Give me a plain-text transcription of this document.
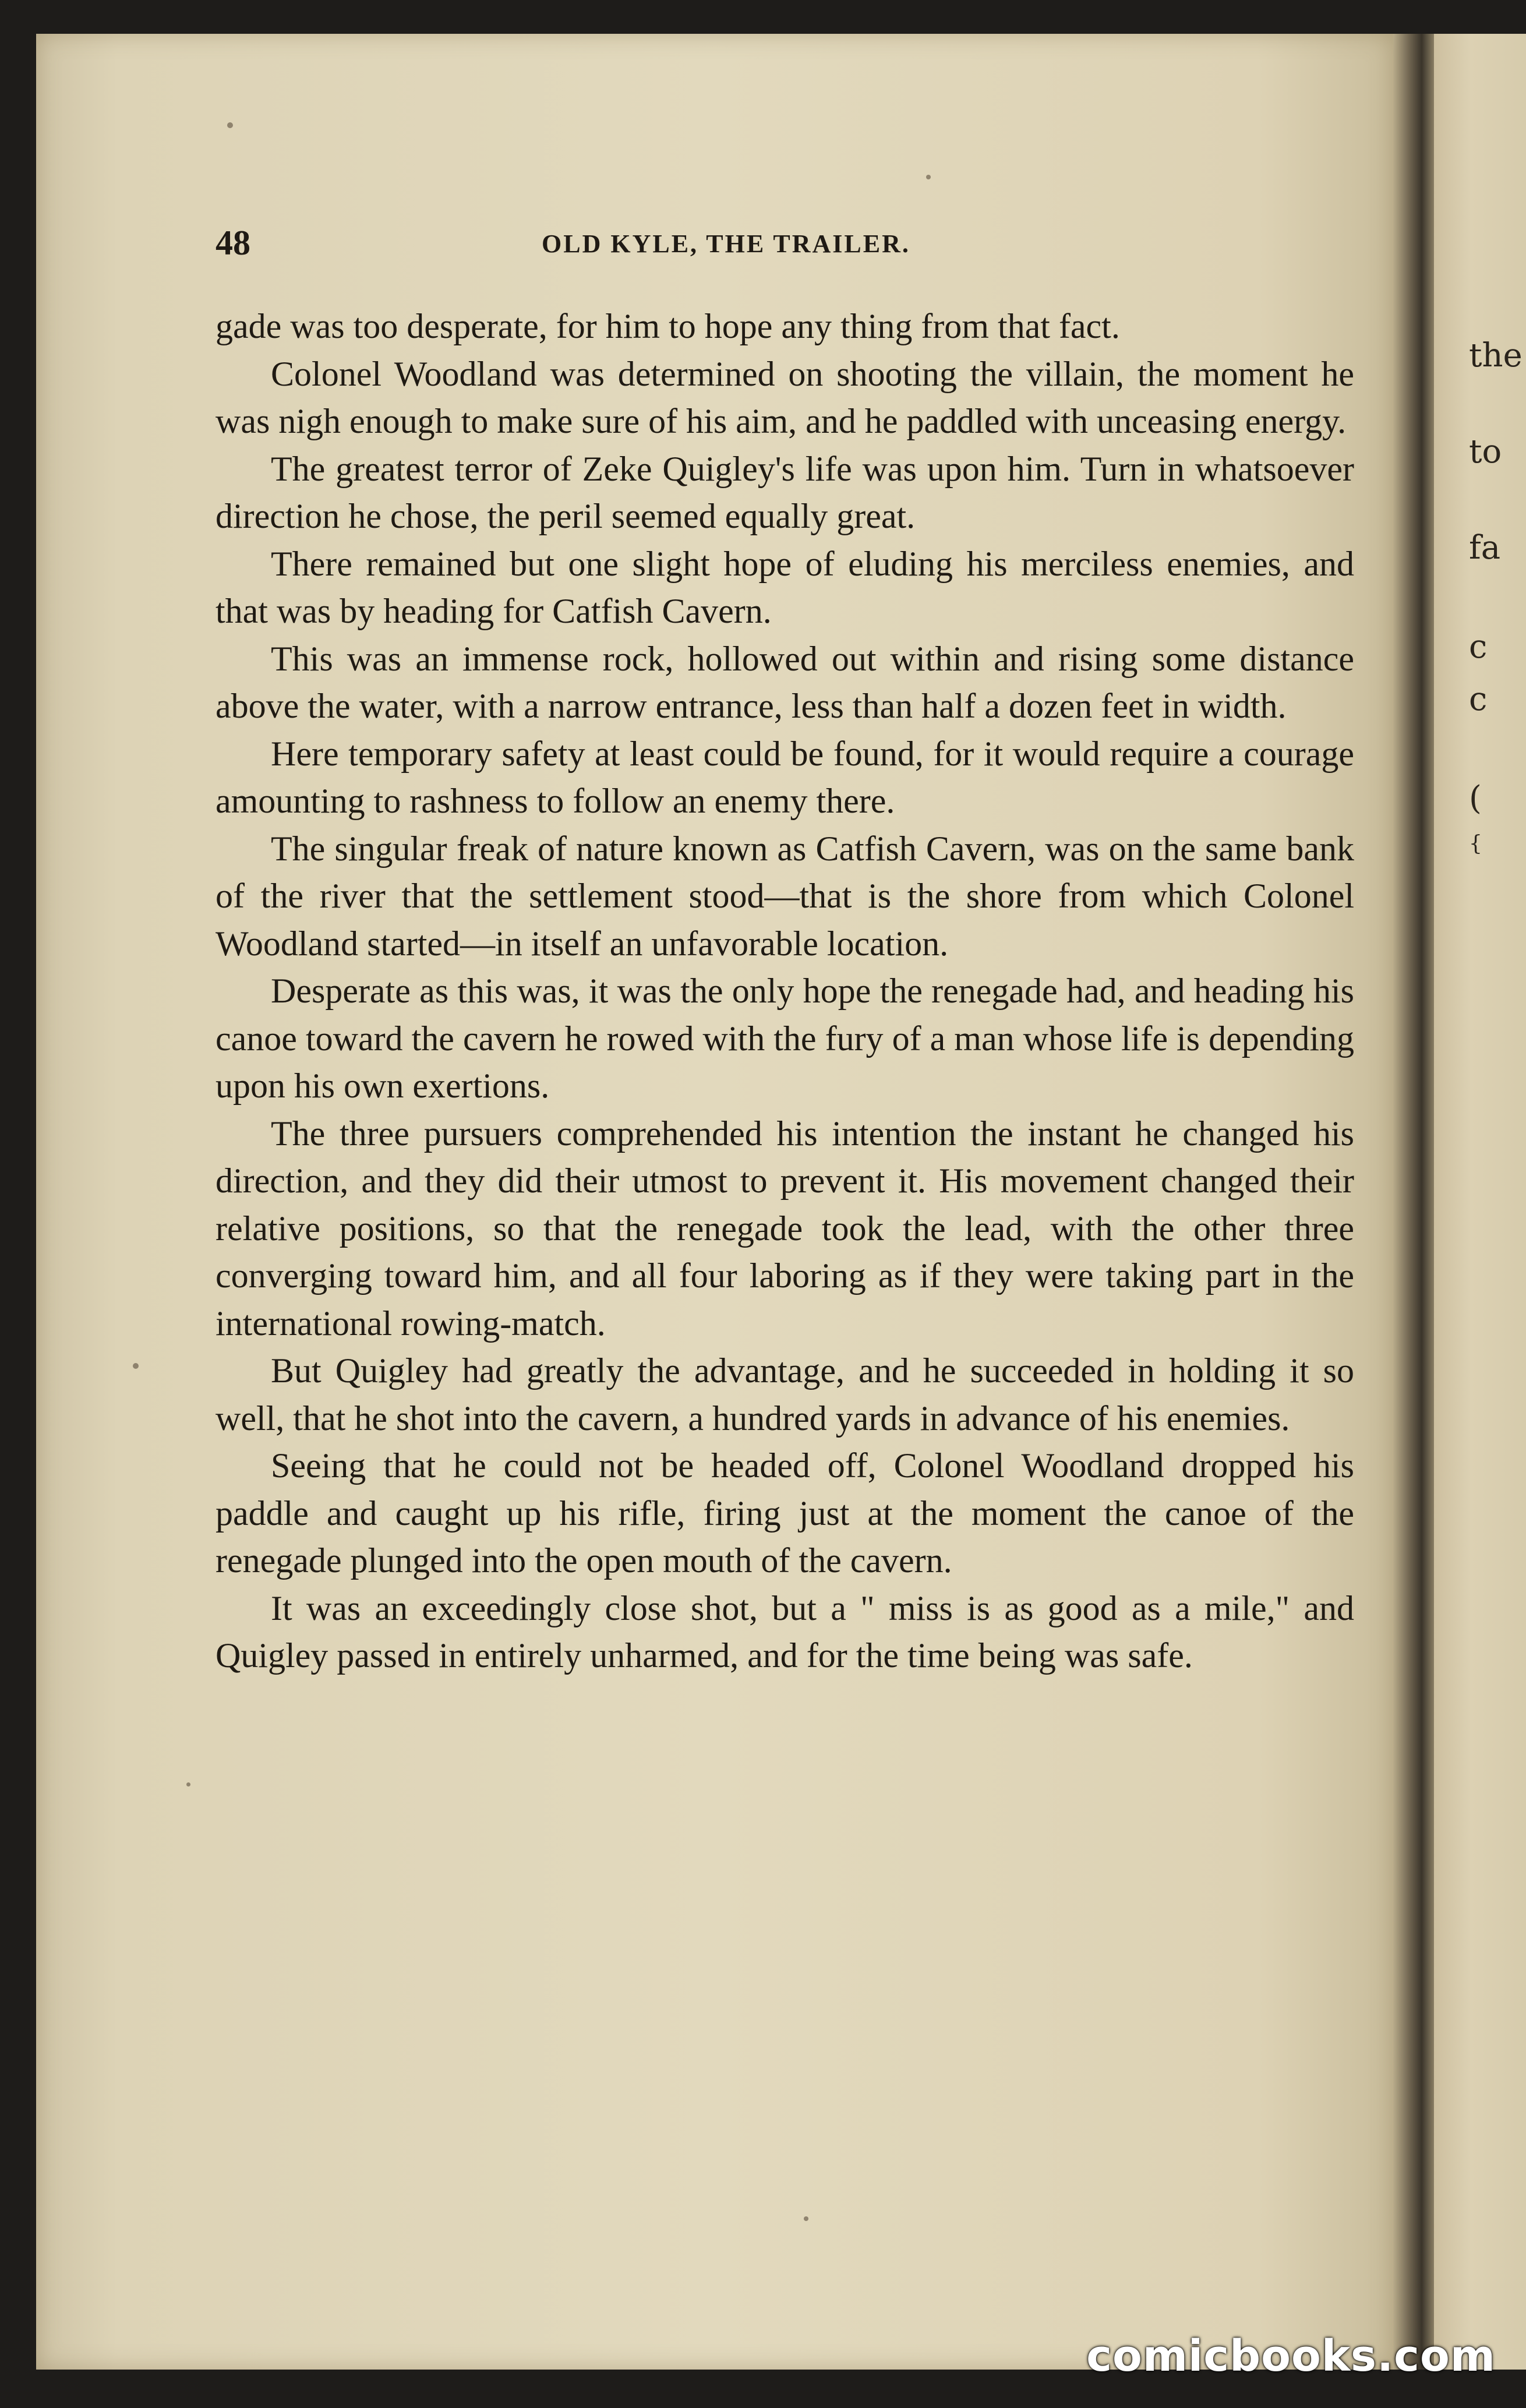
the
to
fa
c
c
(
{
48	OLD KYLE, THE TRAILER.

gade was too desperate, for him to hope any thing from that fact.

Colonel Woodland was determined on shooting the villain, the moment he was nigh enough to make sure of his aim, and he paddled with unceasing energy.

The greatest terror of Zeke Quigley's life was upon him. Turn in whatsoever direction he chose, the peril seemed equally great.

There remained but one slight hope of eluding his merciless enemies, and that was by heading for Catfish Cavern.

This was an immense rock, hollowed out within and rising some distance above the water, with a narrow entrance, less than half a dozen feet in width.

Here temporary safety at least could be found, for it would require a courage amounting to rashness to follow an enemy there.

The singular freak of nature known as Catfish Cavern, was on the same bank of the river that the settlement stood—that is the shore from which Colonel Woodland started—in itself an unfavorable location.

Desperate as this was, it was the only hope the renegade had, and heading his canoe toward the cavern he rowed with the fury of a man whose life is depending upon his own exertions.

The three pursuers comprehended his intention the instant he changed his direction, and they did their utmost to prevent it. His movement changed their relative positions, so that the renegade took the lead, with the other three converging toward him, and all four laboring as if they were taking part in the international rowing-match.

But Quigley had greatly the advantage, and he succeeded in holding it so well, that he shot into the cavern, a hundred yards in advance of his enemies.

Seeing that he could not be headed off, Colonel Woodland dropped his paddle and caught up his rifle, firing just at the moment the canoe of the renegade plunged into the open mouth of the cavern.

It was an exceedingly close shot, but a " miss is as good as a mile," and Quigley passed in entirely unharmed, and for the time being was safe.

comicbooks.com
